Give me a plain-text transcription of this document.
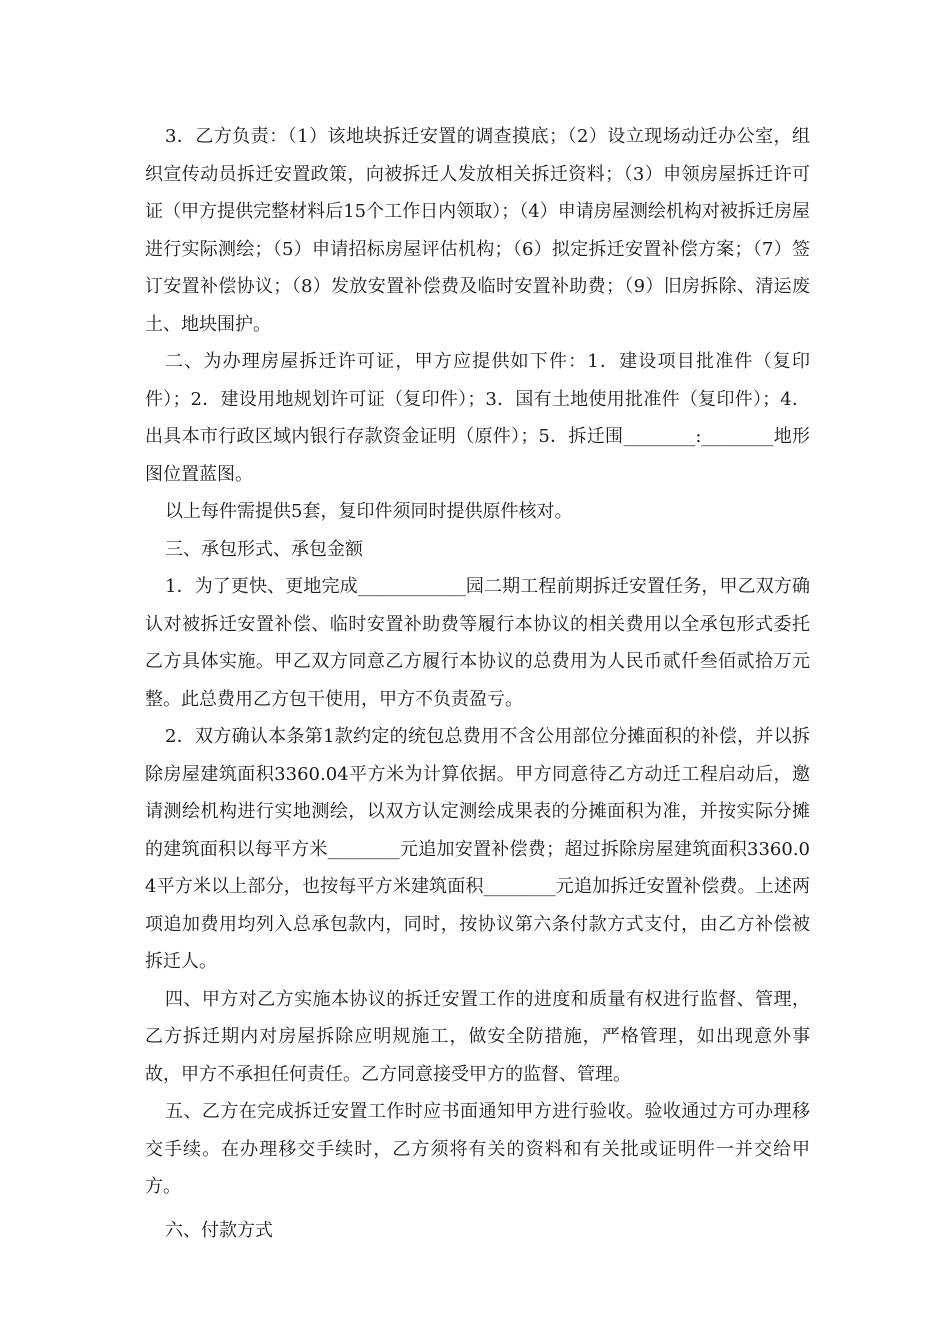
3．乙方负责：（1）该地块拆迁安置的调查摸底；（2）设立现场动迁办公室，组织宣传动员拆迁安置政策，向被拆迁人发放相关拆迁资料；（3）申领房屋拆迁许可证（甲方提供完整材料后15个工作日内领取）；（4）申请房屋测绘机构对被拆迁房屋进行实际测绘；（5）申请招标房屋评估机构；（6）拟定拆迁安置补偿方案；（7）签订安置补偿协议；（8）发放安置补偿费及临时安置补助费；（9）旧房拆除、清运废土、地块围护。

二、为办理房屋拆迁许可证，甲方应提供如下件：1．建设项目批准件（复印件）；2．建设用地规划许可证（复印件）；3．国有土地使用批准件（复印件）；4．出具本市行政区域内银行存款资金证明（原件）；5．拆迁围________:________地形图位置蓝图。

以上每件需提供5套，复印件须同时提供原件核对。

三、承包形式、承包金额

1．为了更快、更地完成____________园二期工程前期拆迁安置任务，甲乙双方确认对被拆迁安置补偿、临时安置补助费等履行本协议的相关费用以全承包形式委托乙方具体实施。甲乙双方同意乙方履行本协议的总费用为人民币贰仟叁佰贰拾万元整。此总费用乙方包干使用，甲方不负责盈亏。

2．双方确认本条第1款约定的统包总费用不含公用部位分摊面积的补偿，并以拆除房屋建筑面积3360.04平方米为计算依据。甲方同意待乙方动迁工程启动后，邀请测绘机构进行实地测绘，以双方认定测绘成果表的分摊面积为准，并按实际分摊的建筑面积以每平方米________元追加安置补偿费；超过拆除房屋建筑面积3360.04平方米以上部分，也按每平方米建筑面积________元追加拆迁安置补偿费。上述两项追加费用均列入总承包款内，同时，按协议第六条付款方式支付，由乙方补偿被拆迁人。

四、甲方对乙方实施本协议的拆迁安置工作的进度和质量有权进行监督、管理，乙方拆迁期内对房屋拆除应明规施工，做安全防措施，严格管理，如出现意外事故，甲方不承担任何责任。乙方同意接受甲方的监督、管理。

五、乙方在完成拆迁安置工作时应书面通知甲方进行验收。验收通过方可办理移交手续。在办理移交手续时，乙方须将有关的资料和有关批或证明件一并交给甲方。

六、付款方式
